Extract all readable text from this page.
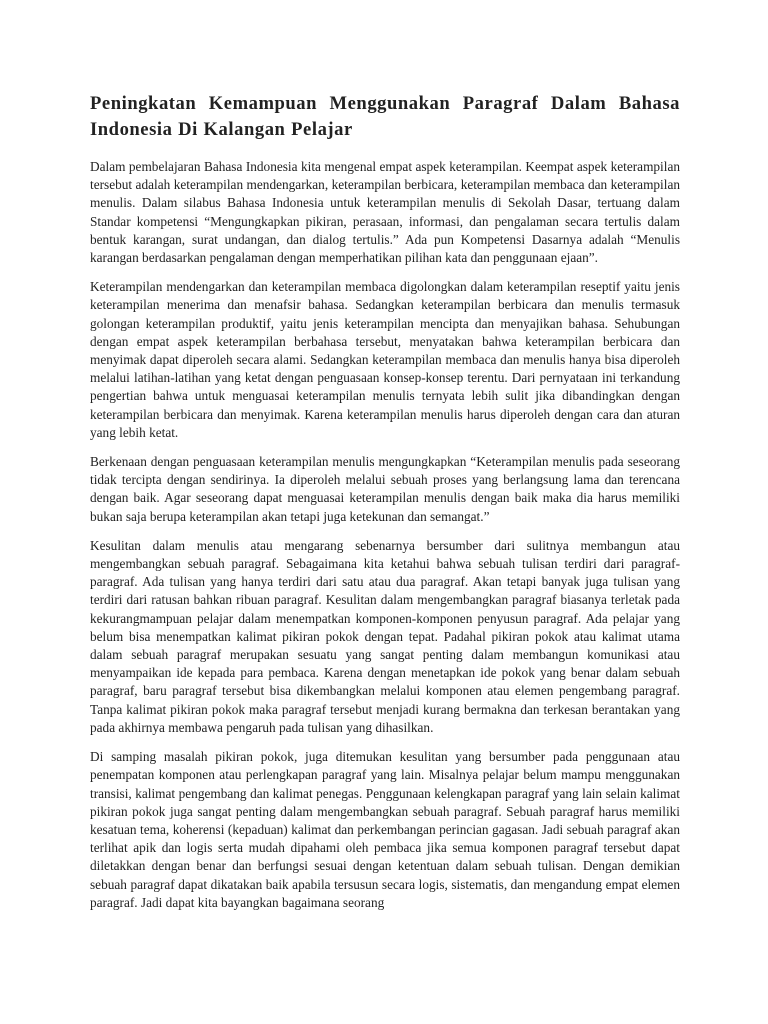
Peningkatan Kemampuan Menggunakan Paragraf Dalam Bahasa Indonesia Di Kalangan Pelajar

Dalam pembelajaran Bahasa Indonesia kita mengenal empat aspek keterampilan. Keempat aspek keterampilan tersebut adalah keterampilan mendengarkan, keterampilan berbicara, keterampilan membaca dan keterampilan menulis. Dalam silabus Bahasa Indonesia untuk keterampilan menulis di Sekolah Dasar, tertuang dalam Standar kompetensi “Mengungkapkan pikiran, perasaan, informasi, dan pengalaman secara tertulis dalam bentuk karangan, surat undangan, dan dialog tertulis.” Ada pun Kompetensi Dasarnya adalah “Menulis karangan berdasarkan pengalaman dengan memperhatikan pilihan kata dan penggunaan ejaan”.

Keterampilan mendengarkan dan keterampilan membaca digolongkan dalam keterampilan reseptif yaitu jenis keterampilan menerima dan menafsir bahasa. Sedangkan keterampilan berbicara dan menulis termasuk golongan keterampilan produktif, yaitu jenis keterampilan mencipta dan menyajikan bahasa. Sehubungan dengan empat aspek keterampilan berbahasa tersebut, menyatakan bahwa keterampilan berbicara dan menyimak dapat diperoleh secara alami. Sedangkan keterampilan membaca dan menulis hanya bisa diperoleh melalui latihan-latihan yang ketat dengan penguasaan konsep-konsep terentu. Dari pernyataan ini terkandung pengertian bahwa untuk menguasai keterampilan menulis ternyata lebih sulit jika dibandingkan dengan keterampilan berbicara dan menyimak. Karena keterampilan menulis harus diperoleh dengan cara dan aturan yang lebih ketat.

Berkenaan dengan penguasaan keterampilan menulis mengungkapkan “Keterampilan menulis pada seseorang tidak tercipta dengan sendirinya. Ia diperoleh melalui sebuah proses yang berlangsung lama dan terencana dengan baik. Agar seseorang dapat menguasai keterampilan menulis dengan baik maka dia harus memiliki bukan saja berupa keterampilan akan tetapi juga ketekunan dan semangat.”

Kesulitan dalam menulis atau mengarang sebenarnya bersumber dari sulitnya membangun atau mengembangkan sebuah paragraf. Sebagaimana kita ketahui bahwa sebuah tulisan terdiri dari paragraf-paragraf. Ada tulisan yang hanya terdiri dari satu atau dua paragraf. Akan tetapi banyak juga tulisan yang terdiri dari ratusan bahkan ribuan paragraf. Kesulitan dalam mengembangkan paragraf biasanya terletak pada kekurangmampuan pelajar dalam menempatkan komponen-komponen penyusun paragraf. Ada pelajar yang belum bisa menempatkan kalimat pikiran pokok dengan tepat. Padahal pikiran pokok atau kalimat utama dalam sebuah paragraf merupakan sesuatu yang sangat penting dalam membangun komunikasi atau menyampaikan ide kepada para pembaca. Karena dengan menetapkan ide pokok yang benar dalam sebuah paragraf, baru paragraf tersebut bisa dikembangkan melalui komponen atau elemen pengembang paragraf. Tanpa kalimat pikiran pokok maka paragraf tersebut menjadi kurang bermakna dan terkesan berantakan yang pada akhirnya membawa pengaruh pada tulisan yang dihasilkan.

Di samping masalah pikiran pokok, juga ditemukan kesulitan yang bersumber pada penggunaan atau penempatan komponen atau perlengkapan paragraf yang lain. Misalnya pelajar belum mampu menggunakan transisi, kalimat pengembang dan kalimat penegas. Penggunaan kelengkapan paragraf yang lain selain kalimat pikiran pokok juga sangat penting dalam mengembangkan sebuah paragraf. Sebuah paragraf harus memiliki kesatuan tema, koherensi (kepaduan) kalimat dan perkembangan perincian gagasan. Jadi sebuah paragraf akan terlihat apik dan logis serta mudah dipahami oleh pembaca jika semua komponen paragraf tersebut dapat diletakkan dengan benar dan berfungsi sesuai dengan ketentuan dalam sebuah tulisan. Dengan demikian sebuah paragraf dapat dikatakan baik apabila tersusun secara logis, sistematis, dan mengandung empat elemen paragraf. Jadi dapat kita bayangkan bagaimana seorang
